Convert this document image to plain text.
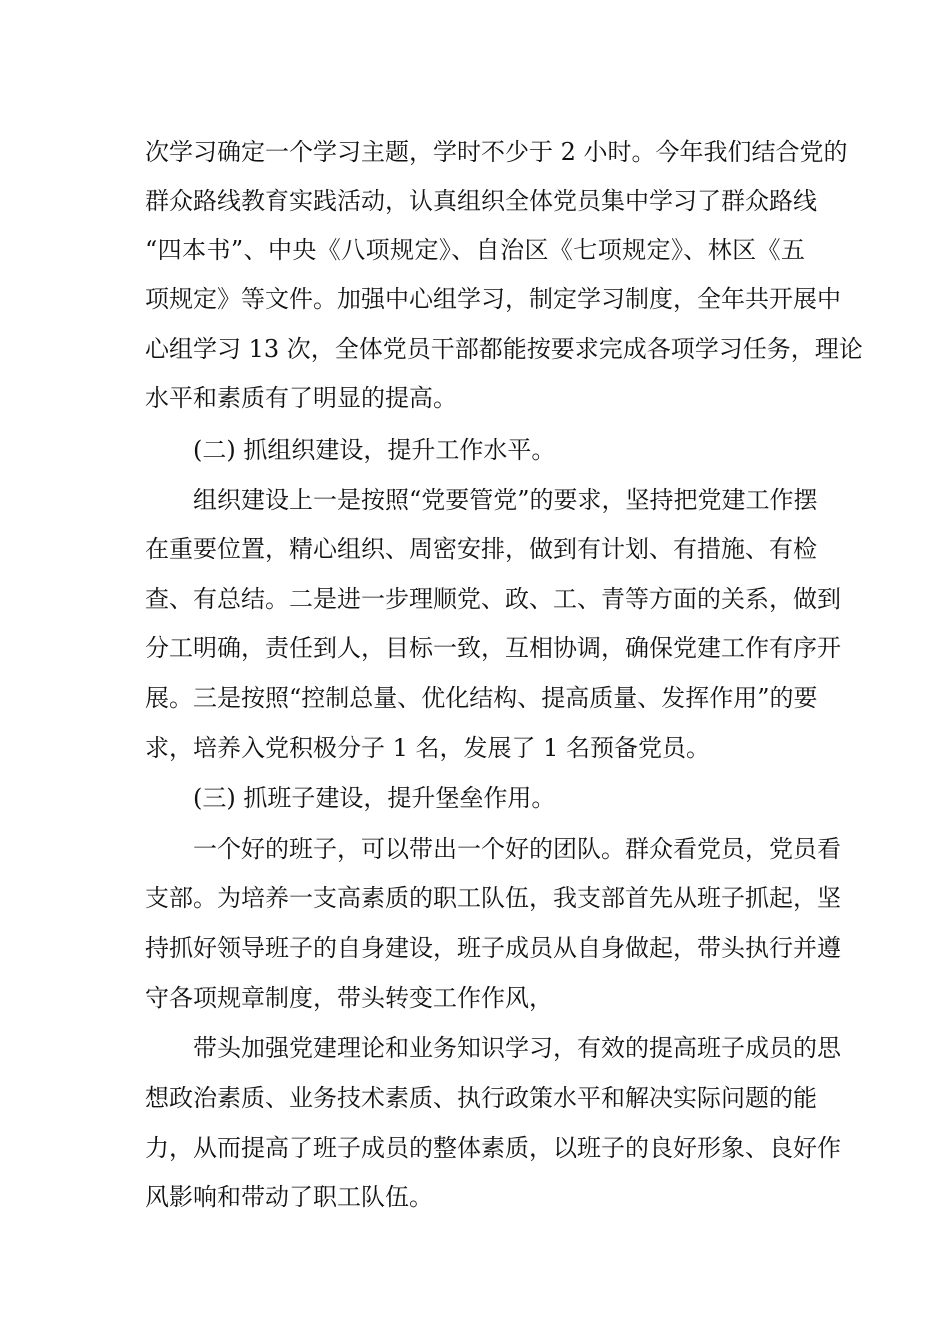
次学习确定一个学习主题，学时不少于 2 小时。今年我们结合党的
群众路线教育实践活动，认真组织全体党员集中学习了群众路线
“四本书”、中央《八项规定》、自治区《七项规定》、林区《五
项规定》等文件。加强中心组学习，制定学习制度，全年共开展中
心组学习 13 次，全体党员干部都能按要求完成各项学习任务，理论
水平和素质有了明显的提高。
(二) 抓组织建设，提升工作水平。
组织建设上一是按照“党要管党”的要求，坚持把党建工作摆
在重要位置，精心组织、周密安排，做到有计划、有措施、有检
查、有总结。二是进一步理顺党、政、工、青等方面的关系，做到
分工明确，责任到人，目标一致，互相协调，确保党建工作有序开
展。三是按照“控制总量、优化结构、提高质量、发挥作用”的要
求，培养入党积极分子 1 名，发展了 1 名预备党员。
(三) 抓班子建设，提升堡垒作用。
一个好的班子，可以带出一个好的团队。群众看党员，党员看
支部。为培养一支高素质的职工队伍，我支部首先从班子抓起，坚
持抓好领导班子的自身建设，班子成员从自身做起，带头执行并遵
守各项规章制度，带头转变工作作风，
带头加强党建理论和业务知识学习，有效的提高班子成员的思
想政治素质、业务技术素质、执行政策水平和解决实际问题的能
力，从而提高了班子成员的整体素质，以班子的良好形象、良好作
风影响和带动了职工队伍。
